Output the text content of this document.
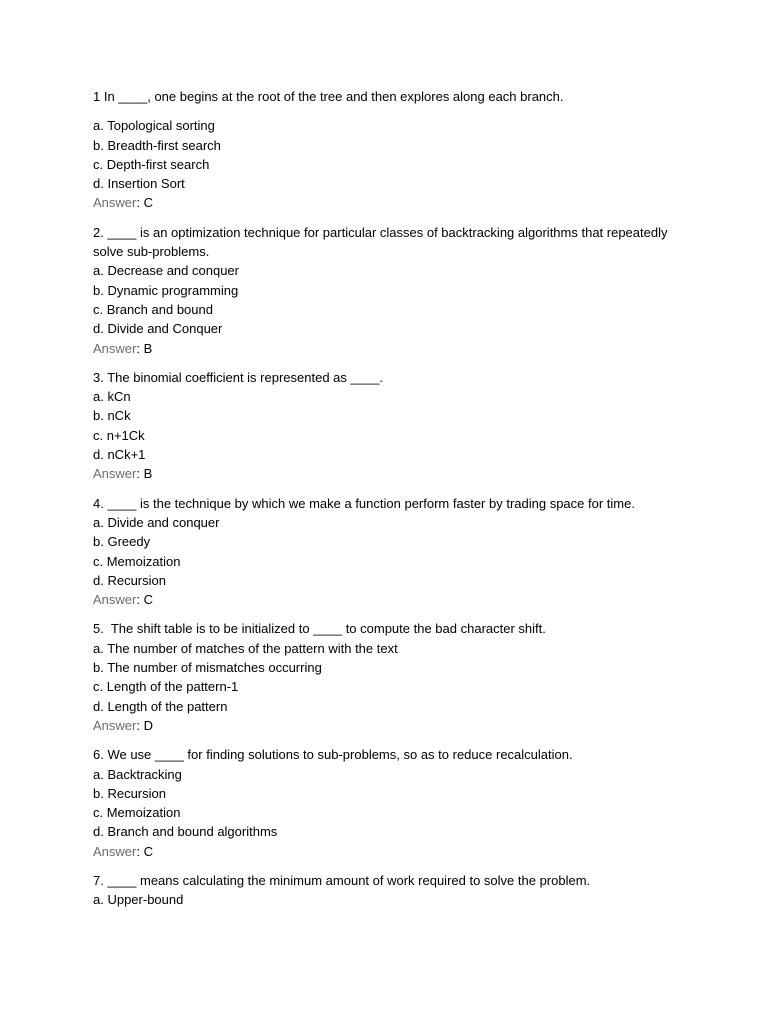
1 In ____, one begins at the root of the tree and then explores along each branch.

a. Topological sorting
b. Breadth-first search
c. Depth-first search
d. Insertion Sort

Answer: C

2. ____ is an optimization technique for particular classes of backtracking algorithms that repeatedly solve sub-problems.

a. Decrease and conquer
b. Dynamic programming
c. Branch and bound
d. Divide and Conquer

Answer: B

3. The binomial coefficient is represented as ____.

a. kCn
b. nCk
c. n+1Ck
d. nCk+1

Answer: B

4. ____ is the technique by which we make a function perform faster by trading space for time.

a. Divide and conquer
b. Greedy
c. Memoization
d. Recursion

Answer: C

5.  The shift table is to be initialized to ____ to compute the bad character shift.

a. The number of matches of the pattern with the text
b. The number of mismatches occurring
c. Length of the pattern-1
d. Length of the pattern

Answer: D

6. We use ____ for finding solutions to sub-problems, so as to reduce recalculation.

a. Backtracking
b. Recursion
c. Memoization
d. Branch and bound algorithms

Answer: C

7. ____ means calculating the minimum amount of work required to solve the problem.

a. Upper-bound
